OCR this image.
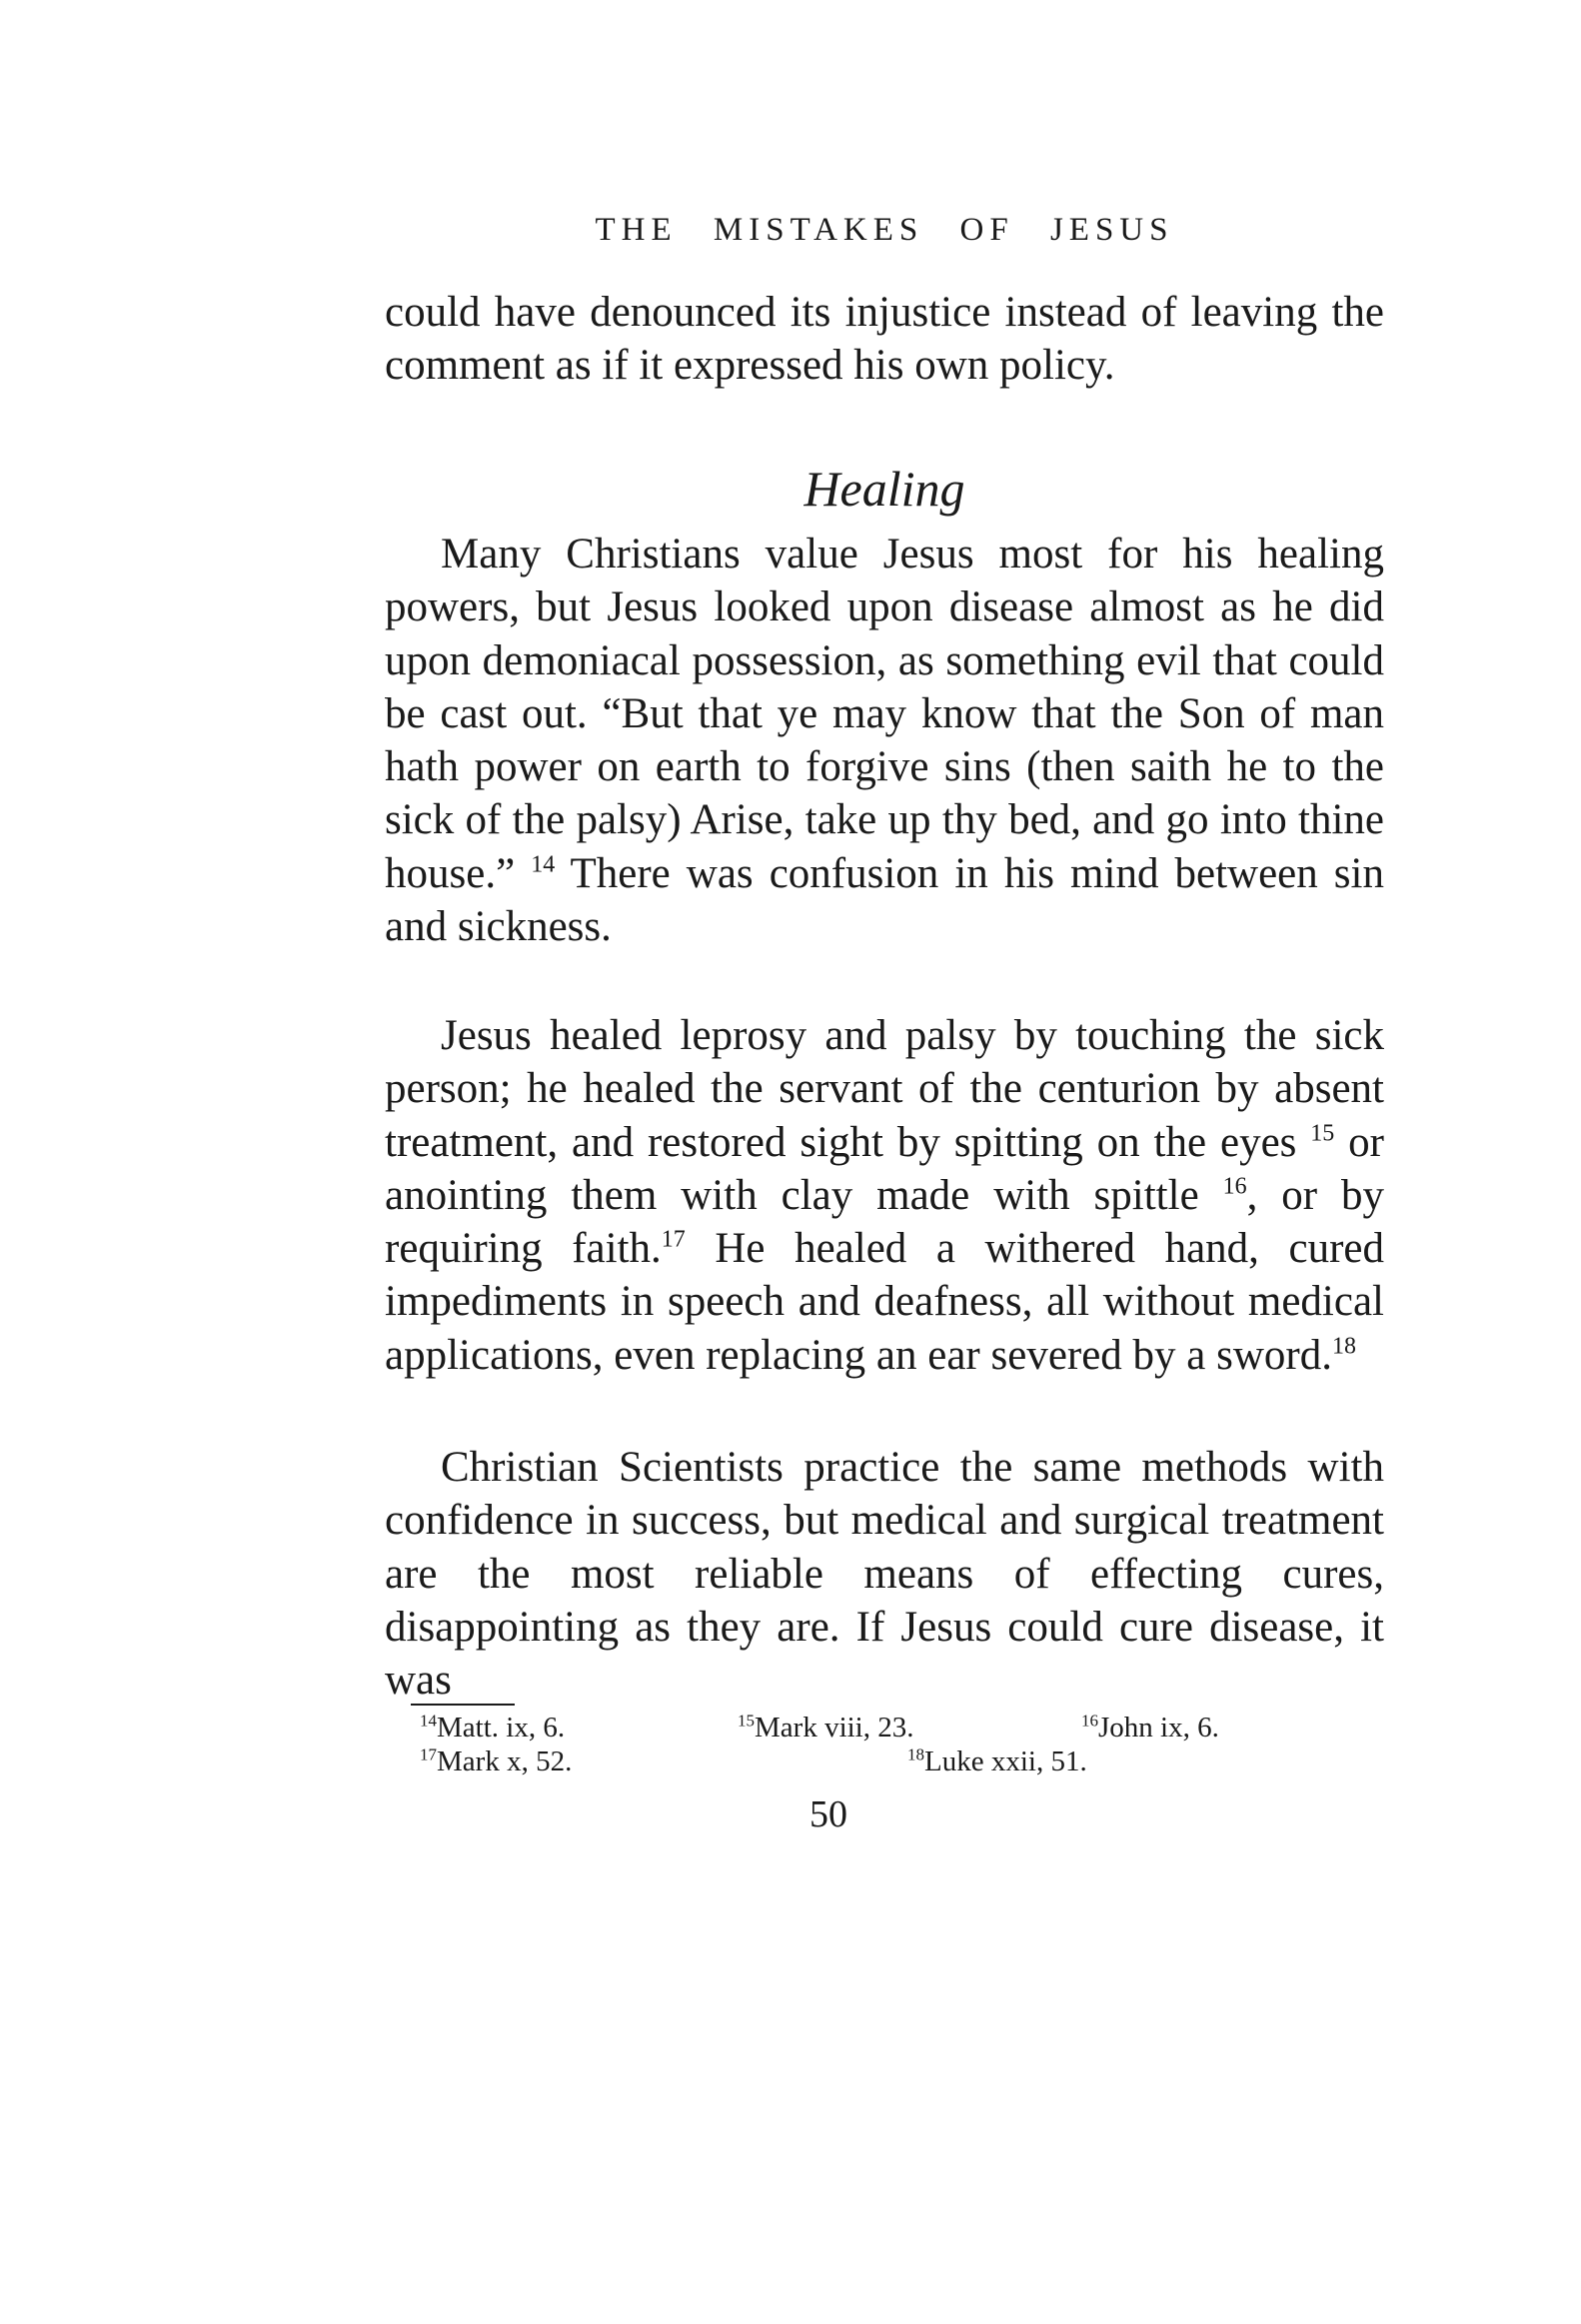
THE MISTAKES OF JESUS

could have denounced its injustice instead of leaving the comment as if it expressed his own policy.

Healing

Many Christians value Jesus most for his healing powers, but Jesus looked upon disease almost as he did upon demoniacal possession, as something evil that could be cast out. “But that ye may know that the Son of man hath power on earth to forgive sins (then saith he to the sick of the palsy) Arise, take up thy bed, and go into thine house.” $^{14}$ There was confusion in his mind between sin and sickness.

Jesus healed leprosy and palsy by touching the sick person; he healed the servant of the centurion by absent treatment, and restored sight by spitting on the eyes $^{15}$ or anointing them with clay made with spittle $^{16}$, or by requiring faith.$^{17}$ He healed a withered hand, cured impediments in speech and deafness, all without medical applications, even replacing an ear severed by a sword.$^{18}$

Christian Scientists practice the same methods with confidence in success, but medical and surgical treatment are the most reliable means of effecting cures, disappointing as they are. If Jesus could cure disease, it was

$^{14}$Matt. ix, 6.	$^{15}$Mark viii, 23.	$^{16}$John ix, 6.
$^{17}$Mark x, 52.	$^{18}$Luke xxii, 51.
50
